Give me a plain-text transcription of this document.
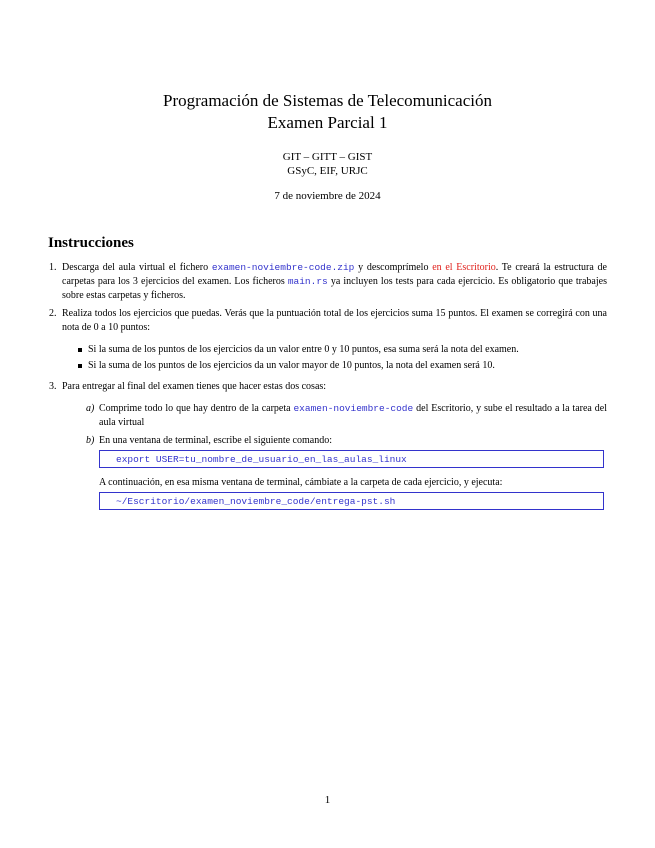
Programación de Sistemas de Telecomunicación
Examen Parcial 1
GIT – GITT – GIST
GSyC, EIF, URJC
7 de noviembre de 2024
Instrucciones
1. Descarga del aula virtual el fichero examen-noviembre-code.zip y descomprímelo en el Escritorio. Te creará la estructura de carpetas para los 3 ejercicios del examen. Los ficheros main.rs ya incluyen los tests para cada ejercicio. Es obligatorio que trabajes sobre estas carpetas y ficheros.
2. Realiza todos los ejercicios que puedas. Verás que la puntuación total de los ejercicios suma 15 puntos. El examen se corregirá con una nota de 0 a 10 puntos:
Si la suma de los puntos de los ejercicios da un valor entre 0 y 10 puntos, esa suma será la nota del examen.
Si la suma de los puntos de los ejercicios da un valor mayor de 10 puntos, la nota del examen será 10.
3. Para entregar al final del examen tienes que hacer estas dos cosas:
a) Comprime todo lo que hay dentro de la carpeta examen-noviembre-code del Escritorio, y sube el resultado a la tarea del aula virtual
b) En una ventana de terminal, escribe el siguiente comando:
export USER=tu_nombre_de_usuario_en_las_aulas_linux
A continuación, en esa misma ventana de terminal, cámbiate a la carpeta de cada ejercicio, y ejecuta:
~/Escritorio/examen_noviembre_code/entrega-pst.sh
1
